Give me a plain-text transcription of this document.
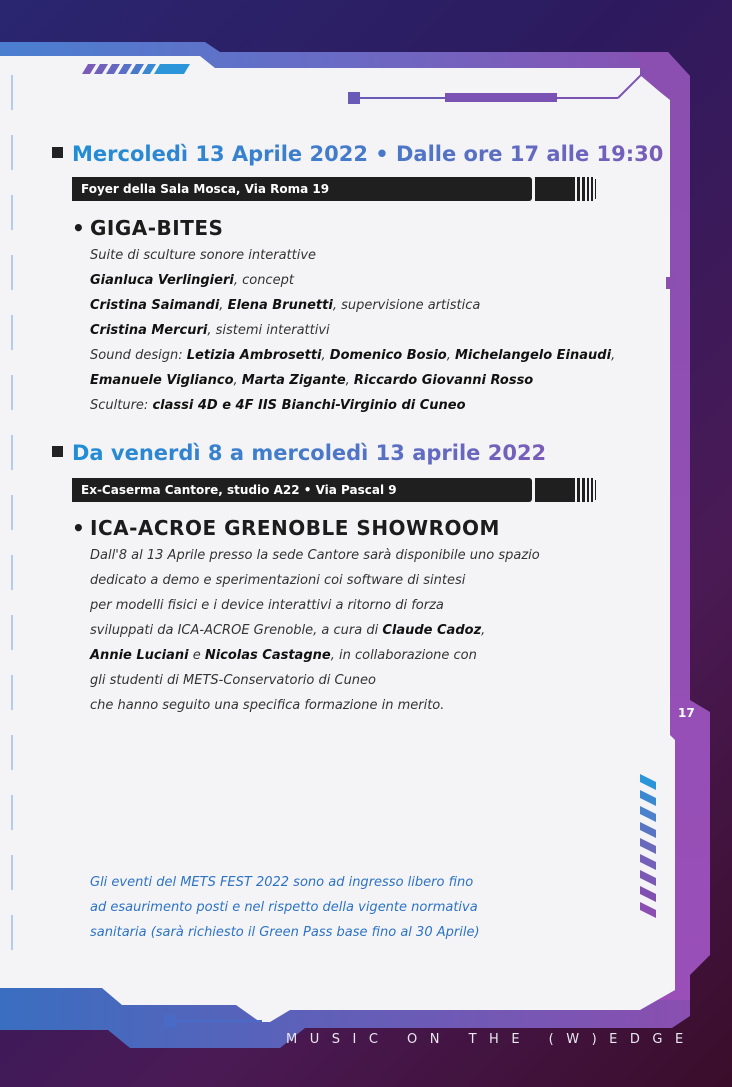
Mercoledì 13 Aprile 2022 • Dalle ore 17 alle 19:30
Foyer della Sala Mosca, Via Roma 19
• GIGA-BITES
Suite di sculture sonore interattive
Gianluca Verlingieri, concept
Cristina Saimandi, Elena Brunetti, supervisione artistica
Cristina Mercuri, sistemi interattivi
Sound design: Letizia Ambrosetti, Domenico Bosio, Michelangelo Einaudi,
Emanuele Viglianco, Marta Zigante, Riccardo Giovanni Rosso
Sculture: classi 4D e 4F IIS Bianchi-Virginio di Cuneo
Da venerdì 8 a mercoledì 13 aprile 2022
Ex-Caserma Cantore, studio A22 • Via Pascal 9
• ICA-ACROE GRENOBLE SHOWROOM
Dall'8 al 13 Aprile presso la sede Cantore sarà disponibile uno spazio
dedicato a demo e sperimentazioni coi software di sintesi
per modelli fisici e i device interattivi a ritorno di forza
sviluppati da ICA-ACROE Grenoble, a cura di Claude Cadoz,
Annie Luciani e Nicolas Castagne, in collaborazione con
gli studenti di METS-Conservatorio di Cuneo
che hanno seguito una specifica formazione in merito.
Gli eventi del METS FEST 2022 sono ad ingresso libero fino
ad esaurimento posti e nel rispetto della vigente normativa
sanitaria (sarà richiesto il Green Pass base fino al 30 Aprile)
17
MUSIC ON THE (W)EDGE
